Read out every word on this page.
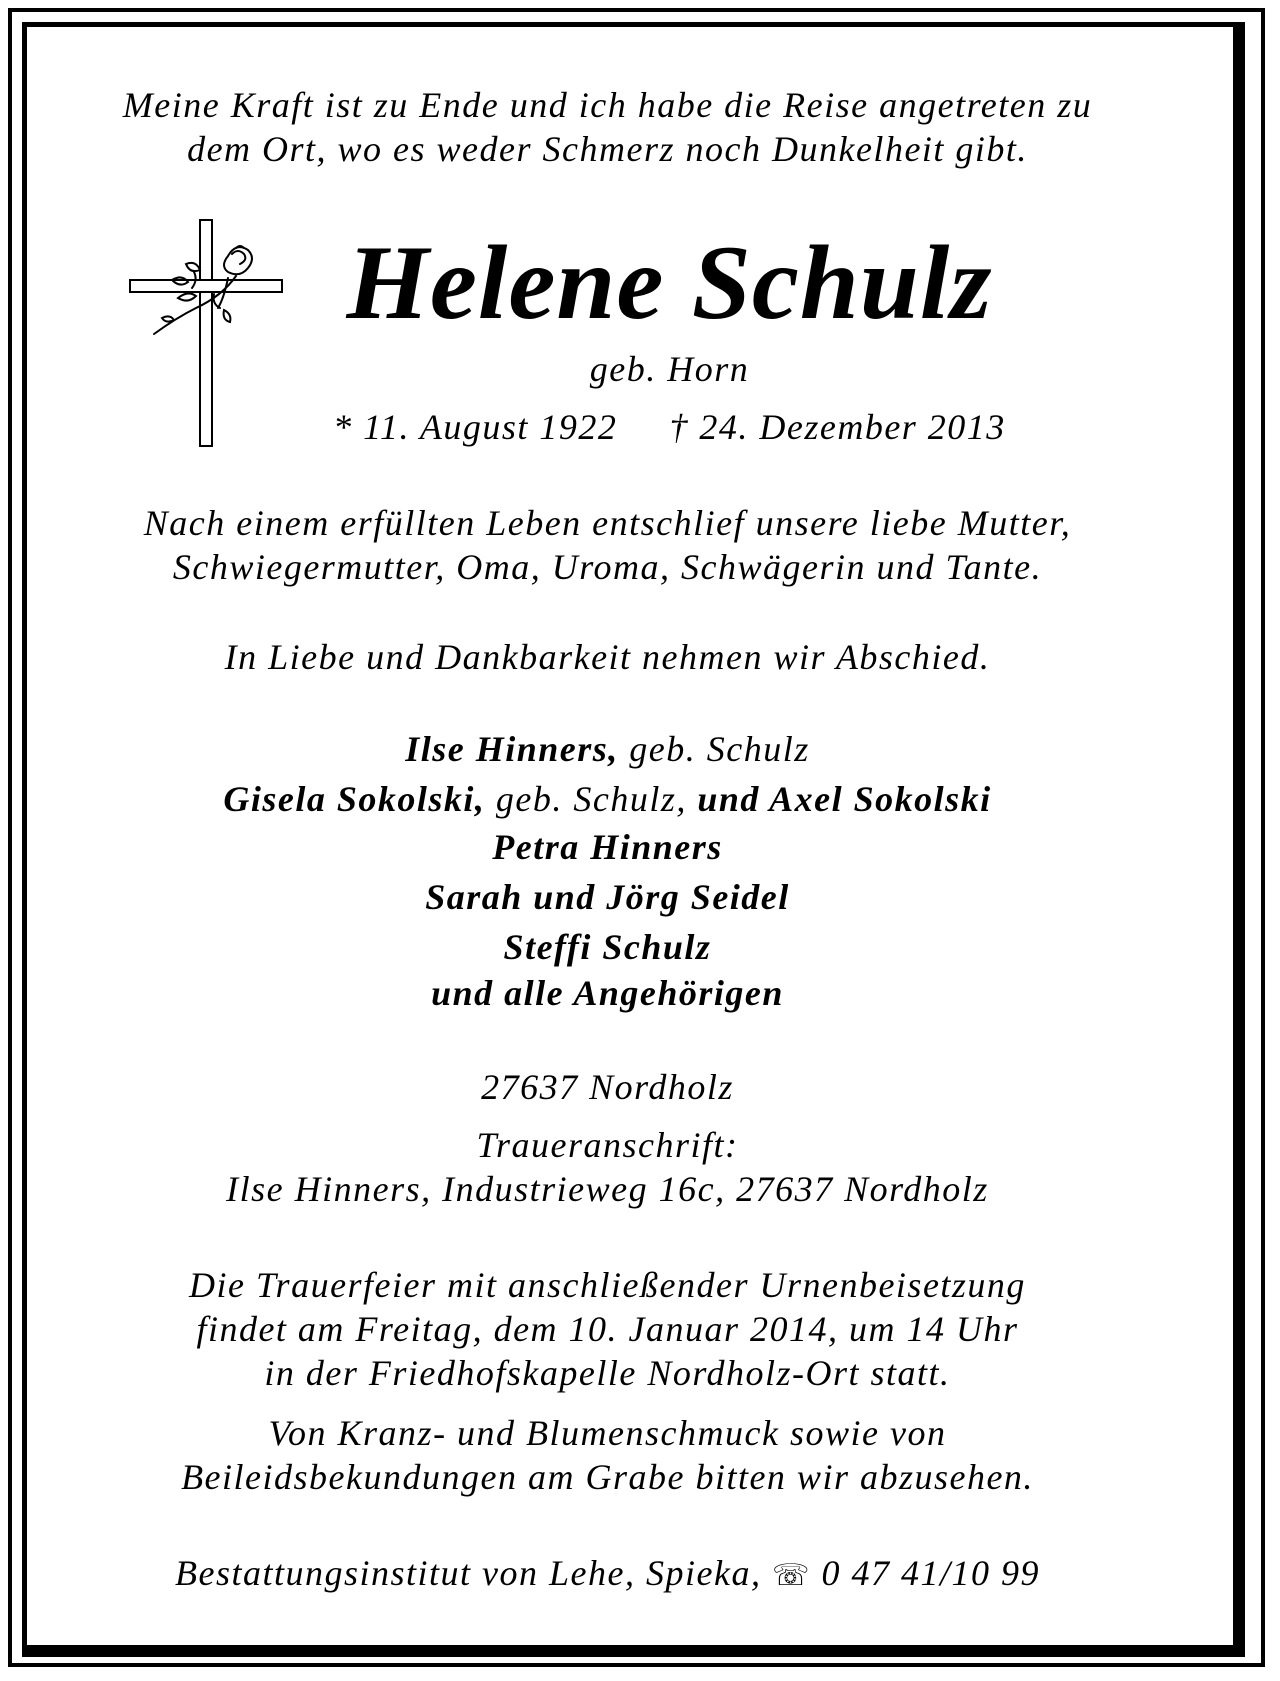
Meine Kraft ist zu Ende und ich habe die Reise angetreten zu
dem Ort, wo es weder Schmerz noch Dunkelheit gibt.
Helene Schulz
geb. Horn
* 11. August 1922 † 24. Dezember 2013
Nach einem erfüllten Leben entschlief unsere liebe Mutter,
Schwiegermutter, Oma, Uroma, Schwägerin und Tante.
In Liebe und Dankbarkeit nehmen wir Abschied.
Ilse Hinners, geb. Schulz
Gisela Sokolski, geb. Schulz, und Axel Sokolski
Petra Hinners
Sarah und Jörg Seidel
Steffi Schulz
und alle Angehörigen
27637 Nordholz
Traueranschrift:
Ilse Hinners, Industrieweg 16c, 27637 Nordholz
Die Trauerfeier mit anschließender Urnenbeisetzung
findet am Freitag, dem 10. Januar 2014, um 14 Uhr
in der Friedhofskapelle Nordholz-Ort statt.
Von Kranz- und Blumenschmuck sowie von
Beileidsbekundungen am Grabe bitten wir abzusehen.
Bestattungsinstitut von Lehe, Spieka, ☏ 0 47 41/10 99
